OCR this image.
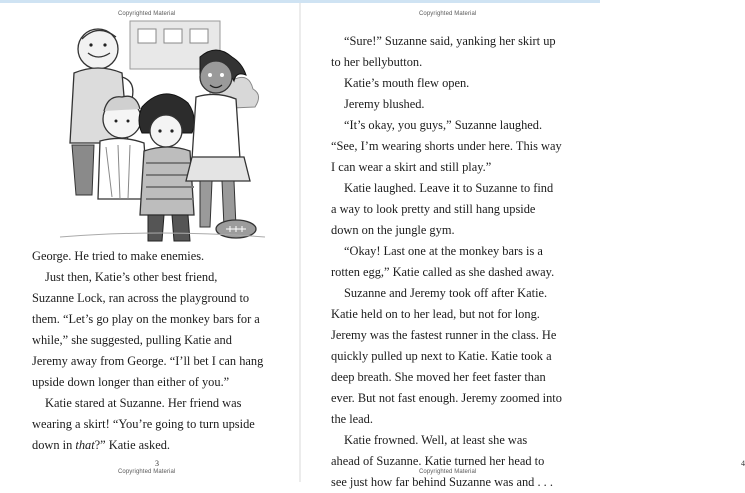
Copyrighted Material
George. He tried to make enemies.
Just then, Katie’s other best friend,
Suzanne Lock, ran across the playground to
them. “Let’s go play on the monkey bars for a
while,” she suggested, pulling Katie and
Jeremy away from George. “I’ll bet I can hang
upside down longer than either of you.”
Katie stared at Suzanne. Her friend was
wearing a skirt! “You’re going to turn upside
down in that?” Katie asked.
3
Copyrighted Material
Copyrighted Material
“Sure!” Suzanne said, yanking her skirt up
to her bellybutton.
Katie’s mouth flew open.
Jeremy blushed.
“It’s okay, you guys,” Suzanne laughed.
“See, I’m wearing shorts under here. This way
I can wear a skirt and still play.”
Katie laughed. Leave it to Suzanne to find
a way to look pretty and still hang upside
down on the jungle gym.
“Okay! Last one at the monkey bars is a
rotten egg,” Katie called as she dashed away.
Suzanne and Jeremy took off after Katie.
Katie held on to her lead, but not for long.
Jeremy was the fastest runner in the class. He
quickly pulled up next to Katie. Katie took a
deep breath. She moved her feet faster than
ever. But not fast enough. Jeremy zoomed into
the lead.
Katie frowned. Well, at least she was
ahead of Suzanne. Katie turned her head to
see just how far behind Suzanne was and . . .
4
Copyrighted Material
